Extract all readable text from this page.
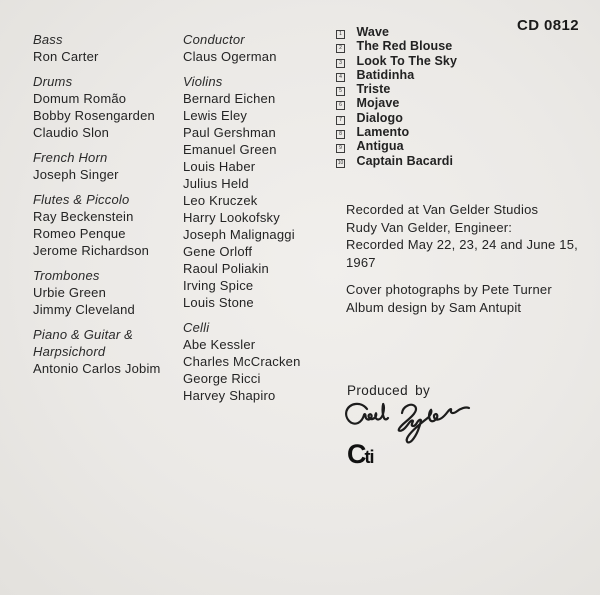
CD 0812
Bass
Ron Carter
Drums
Domum Romão
Bobby Rosengarden
Claudio Slon
French Horn
Joseph Singer
Flutes & Piccolo
Ray Beckenstein
Romeo Penque
Jerome Richardson
Trombones
Urbie Green
Jimmy Cleveland
Piano & Guitar & Harpsichord
Antonio Carlos Jobim
Conductor
Claus Ogerman
Violins
Bernard Eichen
Lewis Eley
Paul Gershman
Emanuel Green
Louis Haber
Julius Held
Leo Kruczek
Harry Lookofsky
Joseph Malignaggi
Gene Orloff
Raoul Poliakin
Irving Spice
Louis Stone
Celli
Abe Kessler
Charles McCracken
George Ricci
Harvey Shapiro
1 Wave
2 The Red Blouse
3 Look To The Sky
4 Batidinha
5 Triste
6 Mojave
7 Dialogo
8 Lamento
9 Antigua
10 Captain Bacardi
Recorded at Van Gelder Studios
Rudy Van Gelder, Engineer:
Recorded May 22, 23, 24 and June 15, 1967
Cover photographs by Pete Turner
Album design by Sam Antupit
Produced by
Cti
